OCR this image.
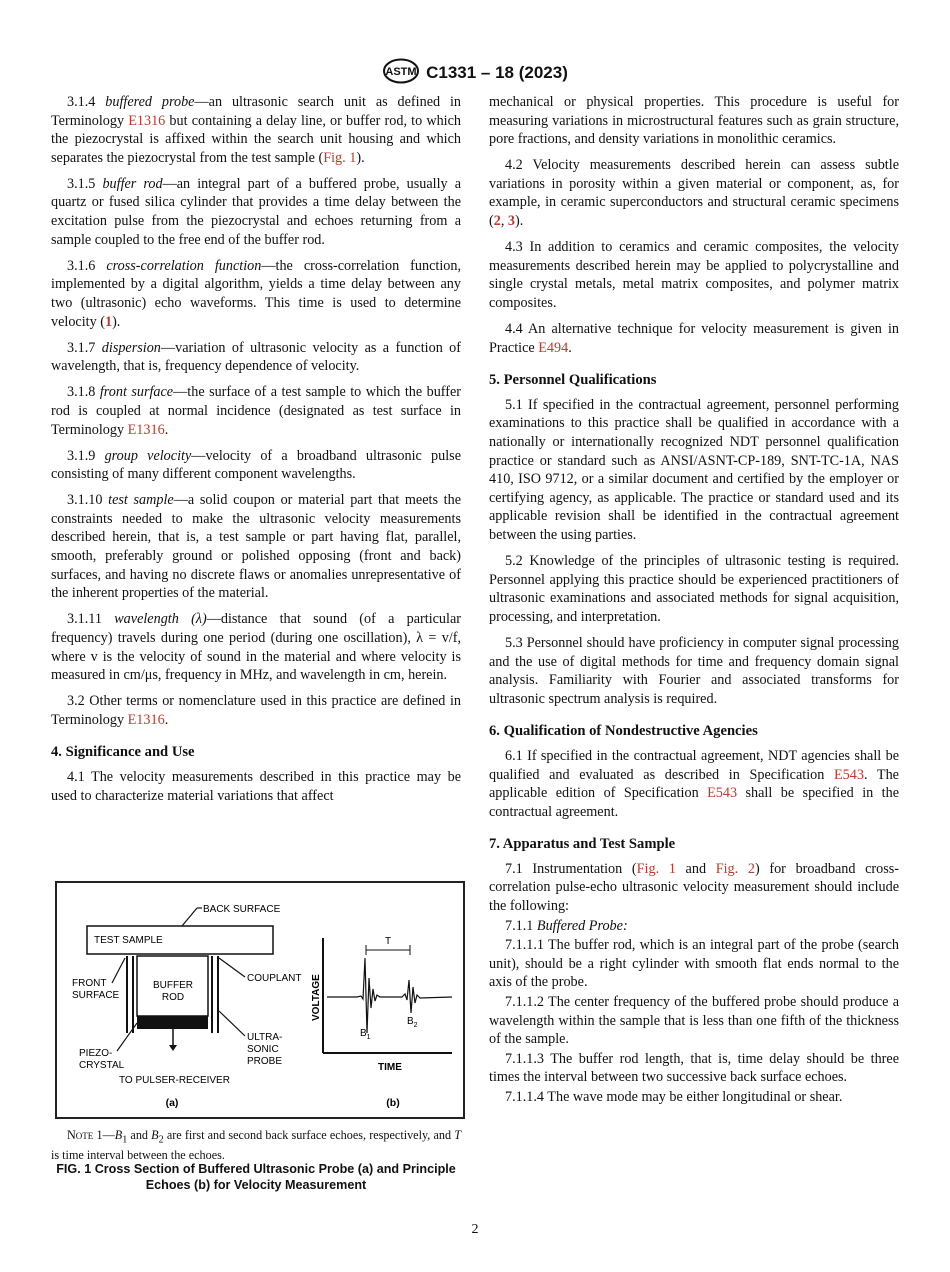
ASTM C1331 – 18 (2023)

3.1.4 buffered probe—an ultrasonic search unit as defined in Terminology E1316 but containing a delay line, or buffer rod, to which the piezocrystal is affixed within the search unit housing and which separates the piezocrystal from the test sample (Fig. 1).

3.1.5 buffer rod—an integral part of a buffered probe, usually a quartz or fused silica cylinder that provides a time delay between the excitation pulse from the piezocrystal and echoes returning from a sample coupled to the free end of the buffer rod.

3.1.6 cross-correlation function—the cross-correlation function, implemented by a digital algorithm, yields a time delay between any two (ultrasonic) echo waveforms. This time is used to determine velocity (1).

3.1.7 dispersion—variation of ultrasonic velocity as a function of wavelength, that is, frequency dependence of velocity.

3.1.8 front surface—the surface of a test sample to which the buffer rod is coupled at normal incidence (designated as test surface in Terminology E1316.

3.1.9 group velocity—velocity of a broadband ultrasonic pulse consisting of many different component wavelengths.

3.1.10 test sample—a solid coupon or material part that meets the constraints needed to make the ultrasonic velocity measurements described herein, that is, a test sample or part having flat, parallel, smooth, preferably ground or polished opposing (front and back) surfaces, and having no discrete flaws or anomalies unrepresentative of the inherent properties of the material.

3.1.11 wavelength (λ)—distance that sound (of a particular frequency) travels during one period (during one oscillation), λ = v/f, where v is the velocity of sound in the material and where velocity is measured in cm/μs, frequency in MHz, and wavelength in cm, herein.

3.2 Other terms or nomenclature used in this practice are defined in Terminology E1316.

4. Significance and Use

4.1 The velocity measurements described in this practice may be used to characterize material variations that affect

TEST SAMPLE
BACK SURFACE
BUFFER
ROD
TO PULSER-RECEIVER
FRONT
SURFACE
COUPLANT
ULTRA-
SONIC
PROBE
PIEZO-
CRYSTAL
(a)
VOLTAGE
TIME
T
$B_1$
$B_2$
(b)
Note $1—B_1$ and $B_2$ are first and second back surface echoes, respectively, and T is time interval between the echoes.
FIG. 1 Cross Section of Buffered Ultrasonic Probe (a) and Principle Echoes (b) for Velocity Measurement

mechanical or physical properties. This procedure is useful for measuring variations in microstructural features such as grain structure, pore fractions, and density variations in monolithic ceramics.

4.2 Velocity measurements described herein can assess subtle variations in porosity within a given material or component, as, for example, in ceramic superconductors and structural ceramic specimens (2, 3).

4.3 In addition to ceramics and ceramic composites, the velocity measurements described herein may be applied to polycrystalline and single crystal metals, metal matrix composites, and polymer matrix composites.

4.4 An alternative technique for velocity measurement is given in Practice E494.

5. Personnel Qualifications

5.1 If specified in the contractual agreement, personnel performing examinations to this practice shall be qualified in accordance with a nationally or internationally recognized NDT personnel qualification practice or standard such as ANSI/ASNT-CP-189, SNT-TC-1A, NAS 410, ISO 9712, or a similar document and certified by the employer or certifying agency, as applicable. The practice or standard used and its applicable revision shall be identified in the contractual agreement between the using parties.

5.2 Knowledge of the principles of ultrasonic testing is required. Personnel applying this practice should be experienced practitioners of ultrasonic examinations and associated methods for signal acquisition, processing, and interpretation.

5.3 Personnel should have proficiency in computer signal processing and the use of digital methods for time and frequency domain signal analysis. Familiarity with Fourier and associated transforms for ultrasonic spectrum analysis is required.

6. Qualification of Nondestructive Agencies

6.1 If specified in the contractual agreement, NDT agencies shall be qualified and evaluated as described in Specification E543. The applicable edition of Specification E543 shall be specified in the contractual agreement.

7. Apparatus and Test Sample

7.1 Instrumentation (Fig. 1 and Fig. 2) for broadband cross-correlation pulse-echo ultrasonic velocity measurement should include the following:

7.1.1 Buffered Probe:

7.1.1.1 The buffer rod, which is an integral part of the probe (search unit), should be a right cylinder with smooth flat ends normal to the axis of the probe.

7.1.1.2 The center frequency of the buffered probe should produce a wavelength within the sample that is less than one fifth of the thickness of the sample.

7.1.1.3 The buffer rod length, that is, time delay should be three times the interval between two successive back surface echoes.

7.1.1.4 The wave mode may be either longitudinal or shear.

2
